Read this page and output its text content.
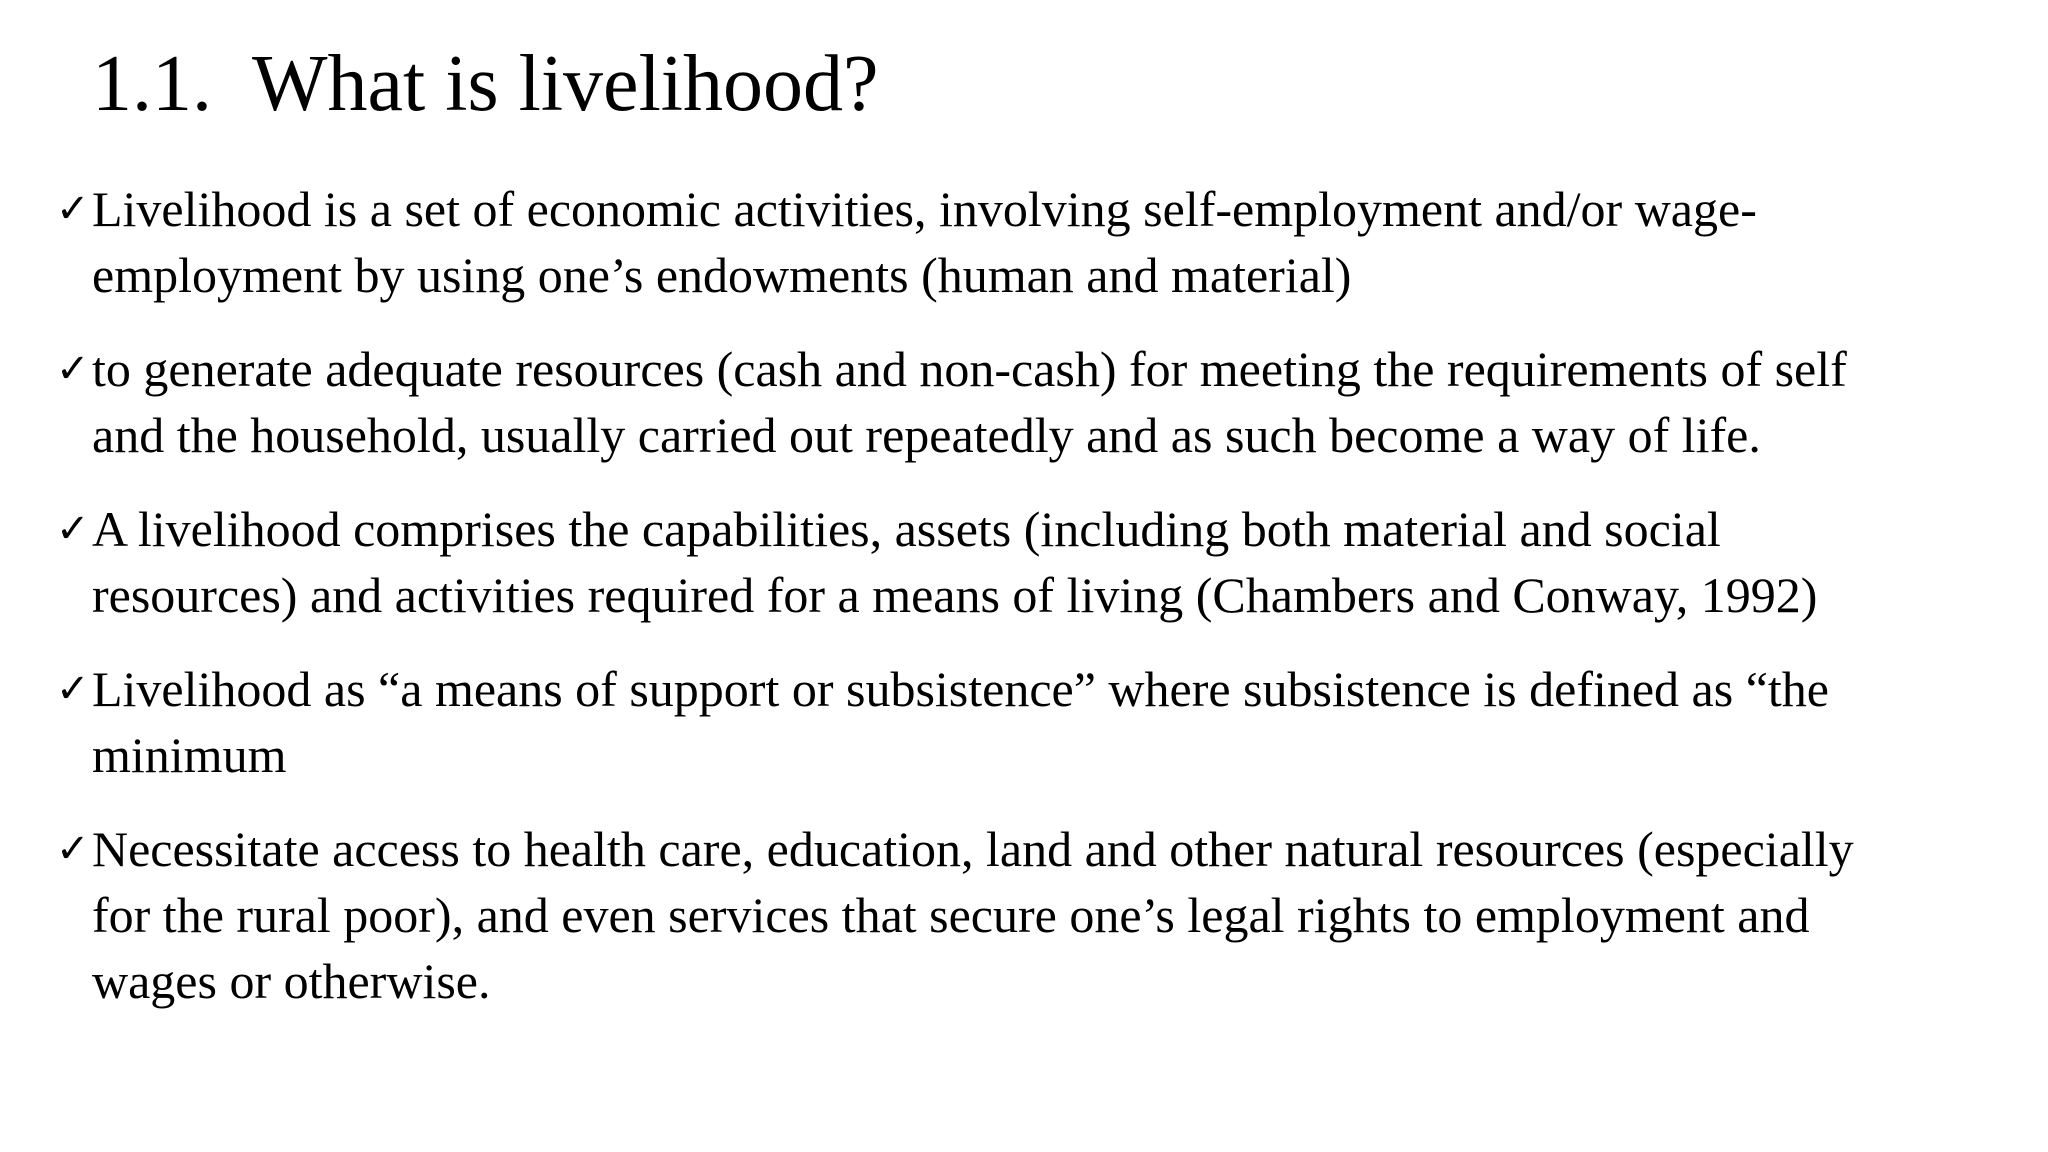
1.1. What is livelihood?
✓ Livelihood is a set of economic activities, involving self-employment and/or wage-
employment by using one’s endowments (human and material)
✓ to generate adequate resources (cash and non-cash) for meeting the requirements of self
and the household, usually carried out repeatedly and as such become a way of life.
✓ A livelihood comprises the capabilities, assets (including both material and social
resources) and activities required for a means of living (Chambers and Conway, 1992)
✓ Livelihood as “a means of support or subsistence” where subsistence is defined as “the
minimum
✓ Necessitate access to health care, education, land and other natural resources (especially
for the rural poor), and even services that secure one’s legal rights to employment and
wages or otherwise.
